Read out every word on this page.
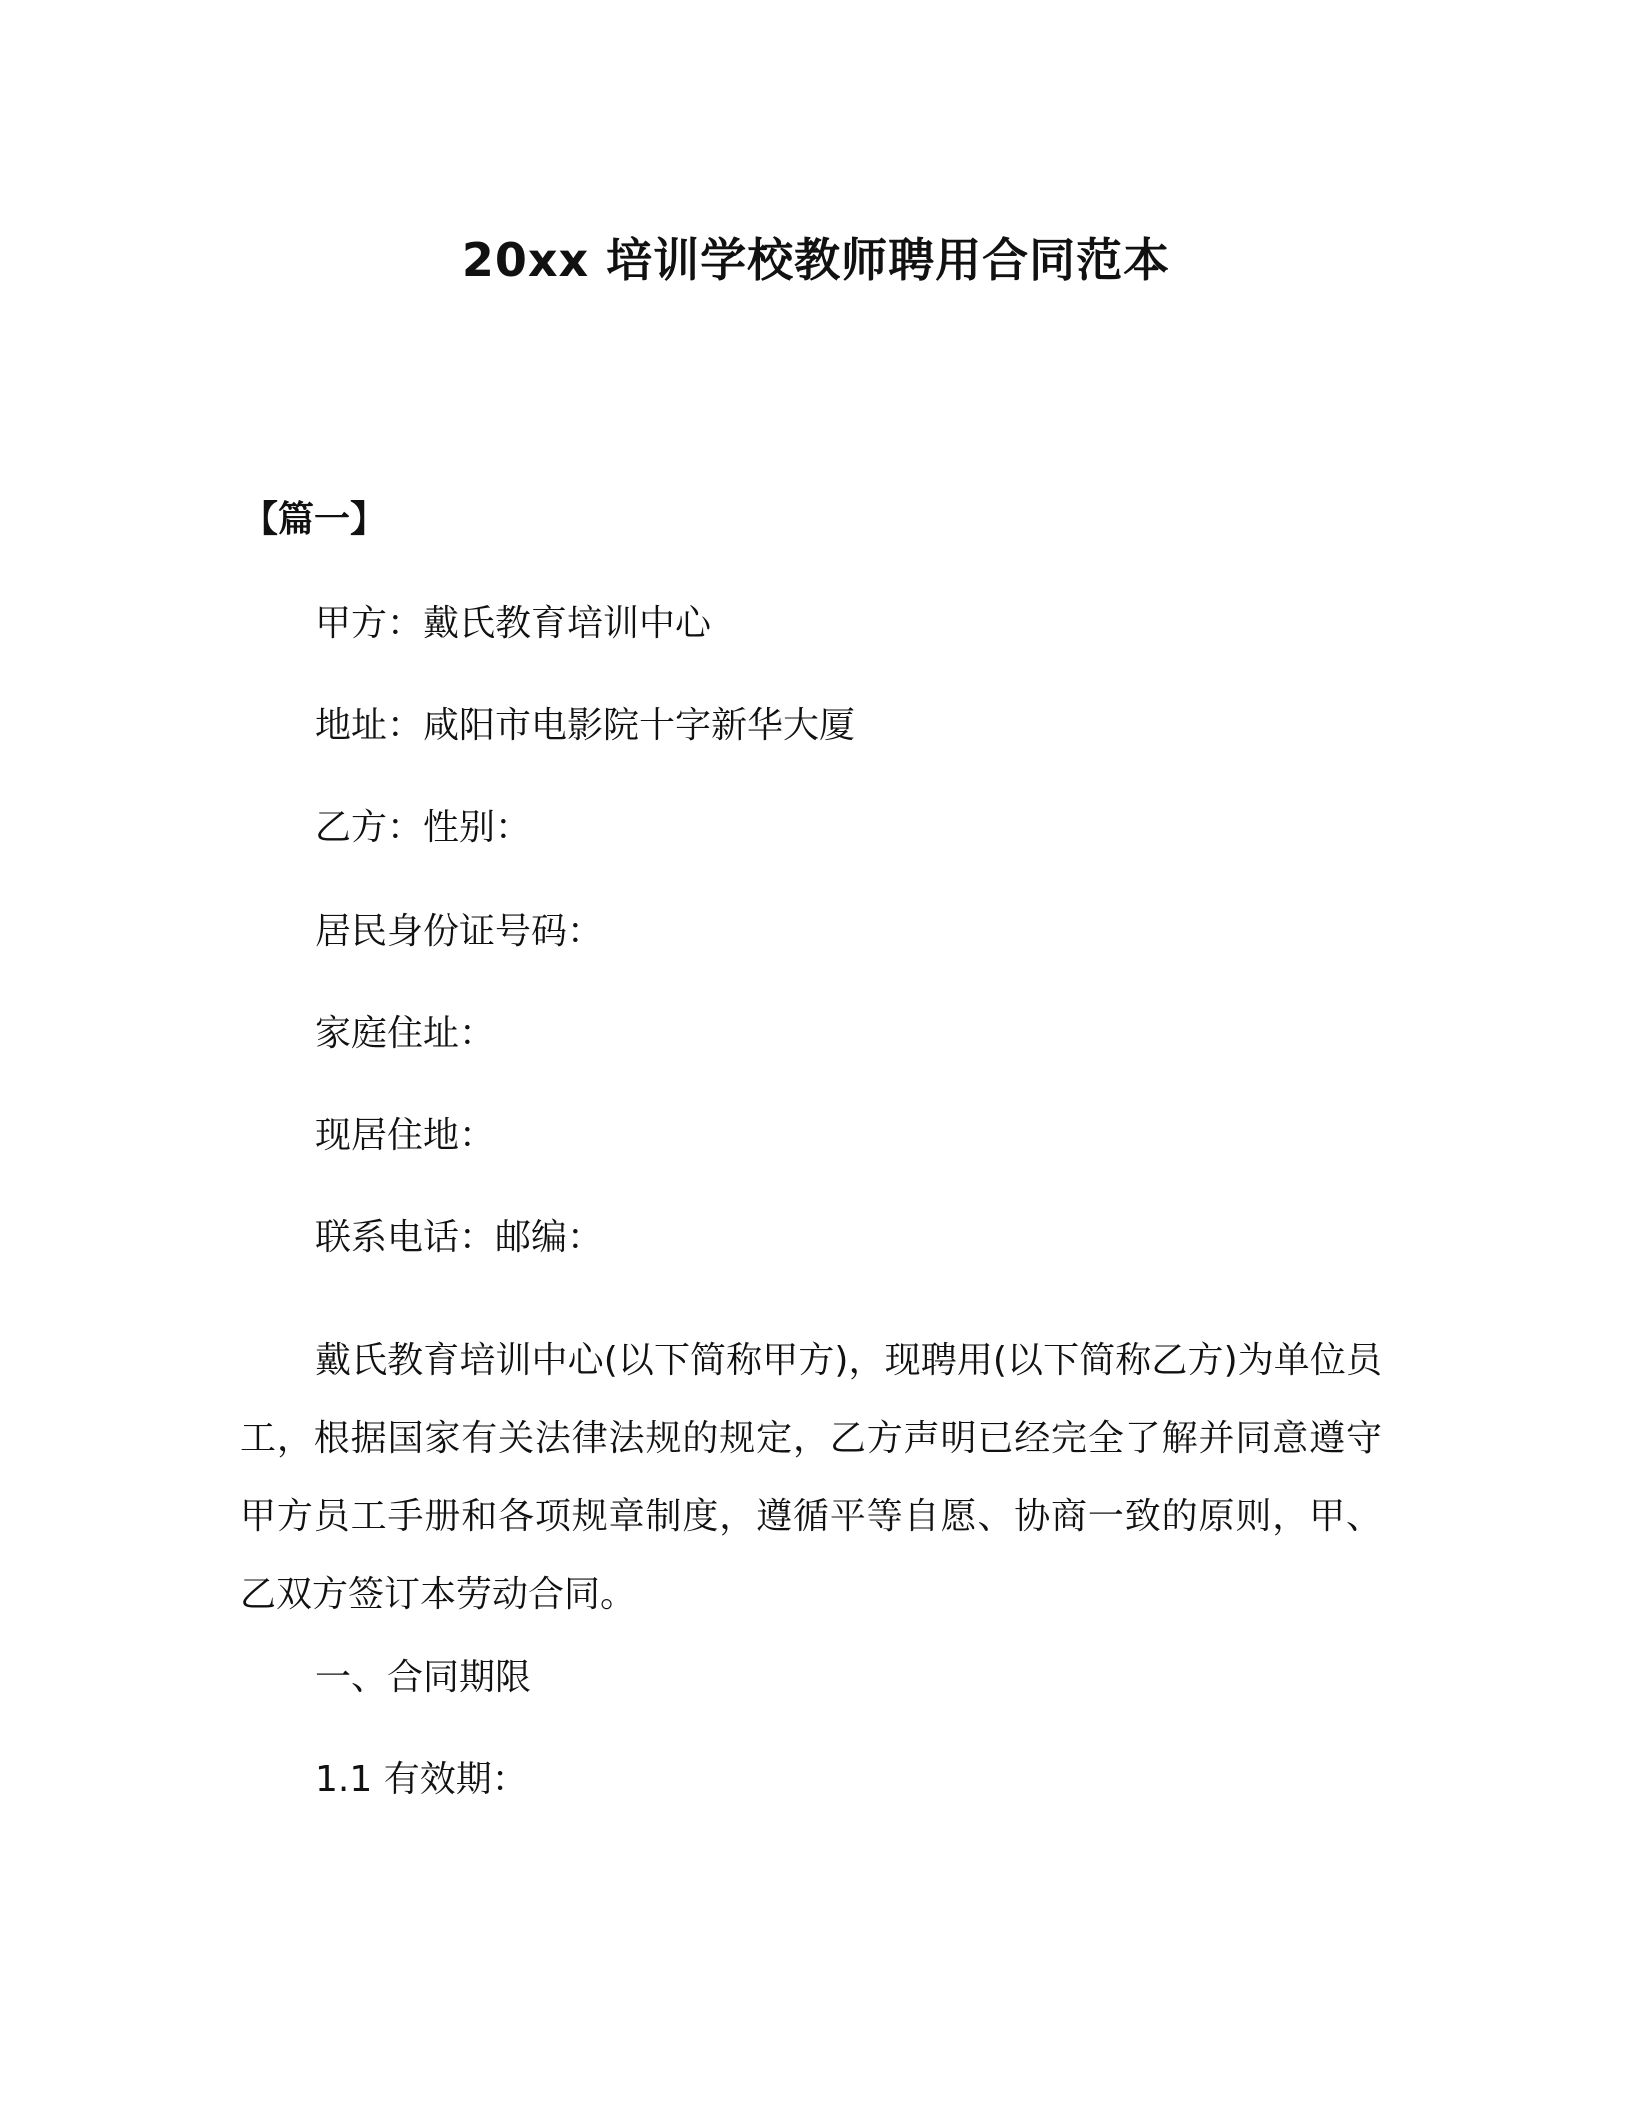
20xx 培训学校教师聘用合同范本
【篇一】
甲方：戴氏教育培训中心
地址：咸阳市电影院十字新华大厦
乙方：性别：
居民身份证号码：
家庭住址：
现居住地：
联系电话：邮编：
戴氏教育培训中心(以下简称甲方)，现聘用(以下简称乙方)为单位员工，根据国家有关法律法规的规定，乙方声明已经完全了解并同意遵守甲方员工手册和各项规章制度，遵循平等自愿、协商一致的原则，甲、乙双方签订本劳动合同。
一、合同期限
1.1 有效期：
